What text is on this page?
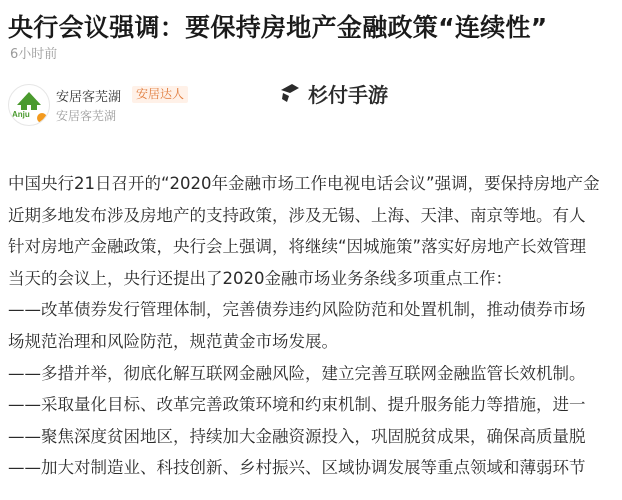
央行会议强调：要保持房地产金融政策“连续性”
6小时前
Anju
安居客芜湖	安居达人
安居客芜湖
杉付手游

中国央行21日召开的“2020年金融市场工作电视电话会议”强调，要保持房地产金

近期多地发布涉及房地产的支持政策，涉及无锡、上海、天津、南京等地。有人

针对房地产金融政策，央行会上强调，将继续“因城施策”落实好房地产长效管理

当天的会议上，央行还提出了2020金融市场业务条线多项重点工作：

——改革债券发行管理体制，完善债券违约风险防范和处置机制，推动债券市场

场规范治理和风险防范，规范黄金市场发展。

——多措并举，彻底化解互联网金融风险，建立完善互联网金融监管长效机制。

——采取量化目标、改革完善政策环境和约束机制、提升服务能力等措施，进一

——聚焦深度贫困地区，持续加大金融资源投入，巩固脱贫成果，确保高质量脱

——加大对制造业、科技创新、乡村振兴、区域协调发展等重点领域和薄弱环节
